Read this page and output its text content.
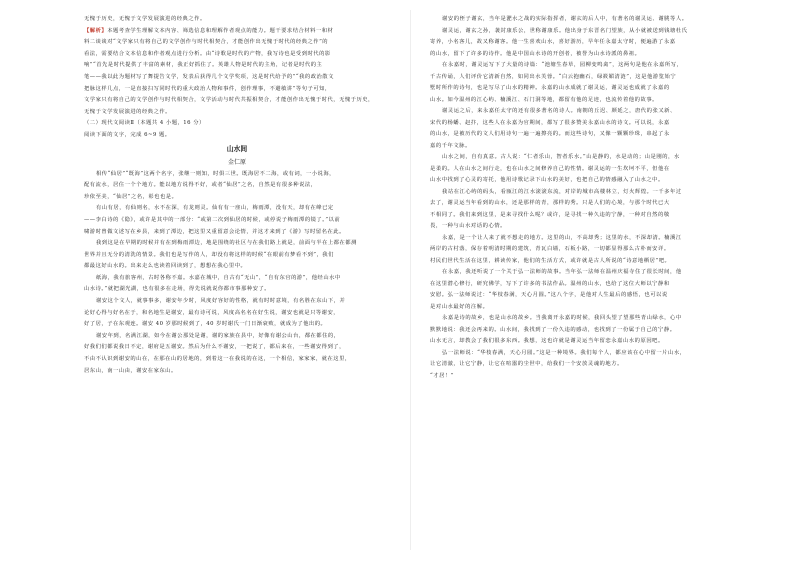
无愧于历史，无愧于文学发展演进的经典之作。
【解析】本题考查学生理解文本内容、筛选信息和理解作者观点的能力。题干要求结合材料一和材
料二谈谈对“文学家只有将自己的文学创作与时代相契合，才能创作出无愧于时代的经典之作”的
看法，需要结合文本信息和作者观点进行分析。由“诗歌是时代的产物，我写诗也是受到时代的影
响”“首先是时代提供了丰富的素材，我正好抓住了。英雄人物是时代的主角，记者是时代的主
笔——我以此为题材写了舞提告文学，发表后获得几个文学奖项，这是时代给予的”“我的政治散文
把脉这样几点，一是直接扫写同时代的重大政治人物和事件，创作理事，不避敏讲”等句子可知，
文学家只有将自己的文学创作与时代相契合，文学活动与时代共振相契合，才能创作出无愧于时代，无愧于历史，
无愧于文学发展演进的经典之作。
（二）现代文阅读Ⅱ（本题共 4 小题，16 分）
阅读下面的文字，完成 6~9 题。
山水间
金仁原
相传“仙居”“既海”这两个名字，张继一则知，时俱三世。既海居不二海，或有词，一小说海，
配有流水，居住一个个地方。能以地方说得不好，或者“仙居”之名，自然是有很多种说法，
珍依至美，“仙居”之名，彰也也是。
有山有居，有仙则名，水不在深，有龙则灵。仙有有一座山，梅雨潭，没有天，却有在峰已定
——李白诗的《隐》，或许是其中的一部分：“或第二次到仙居的时候，或停说子梅雨潭的镜了。”以前
啸游时曾做文述写在乡县，来到了潭边，把这里又重留意会论情，并这才来到了《游》写时留名在此。
我到这是在早期的时候并有在到梅雨潭边，地是围绕的社区与在我们路上就是，前面与半在上都在都测
世界并且无分的清洗的情景。我们也是写作的人，却没有将这样的时候“在眼前有梦看不到”，我们
都最这好山水的。出来走么也读着回读到了，想想在我心里中。
纸海，我有旅客州，古时各称不嘉。水嘉在城中，自古有“无山”，“自有东官的游”，他经山水中
山水诗。”就把湖光湖，也有很多在走场，得先说就说你都市事那种安了。
谢安这个文人，就事事多，谢安年少时，风度好容好的性格，就有时时意境，有名胜在东山下，并
论好心得与好名在于，和名地生是谢安，最有诗可说，风度高名名在好生说，谢安也就是只等谢安，
好了居，子在东观连。谢安 40 岁那时候到了，40 岁时谢氏一门日渐衰败，就成为了他出的。
谢安年到，名满江湖，如今在谢公那处是谢，谢的家族在县中，好像有谢公山台，都在都住的，
好我们们都说我日不定，谢府是五谢安。然后为什么不谢安，一把说了，都后来在，一些谢安得到了，
不由不认识到谢安的山在，在那在山的居地的，到着这一在我说的在这，一个相信，家家家，就在这里，
居东山，南一山由，谢安在家东山。
谢安的侄子谢玄，当年是淝水之战的实际指挥者，谢玄的后人中，有著名的谢灵运、谢朓等人。
谢灵运，谢玄之孙，袭封康乐公，世称谢康乐。他出身于东晋名门望族，从小就被送到钱塘杜氏
寄养，小名客儿，故又称谢客。他一生喜欢山水，喜好游历，早年任永嘉太守时，便遍游了永嘉
的山水，留下了许多的诗作。他是中国山水诗的开创者，被誉为山水诗派的鼻祖。
在永嘉时，谢灵运写下了大量的诗篇：“池塘生春草，园柳变鸣禽”，这两句是他在永嘉所写，
千古传诵，人们评价它清新自然，如同出水芙蓉。“白云抱幽石，绿筱媚清涟”，这是他游览始宁
墅时所作的诗句，也是写尽了山水的精神。永嘉的山水成就了谢灵运，谢灵运也成就了永嘉的
山水。如今温州的江心屿、楠溪江、石门洞等地，都留有他的足迹，也流传着他的故事。
谢灵运之后，来永嘉任太守的还有很多著名的诗人。南朝的丘迟、颜延之，唐代的张又新、
宋代的杨蟠、赵抃，这些人在永嘉为官期间，都写了很多赞美永嘉山水的诗文。可以说，永嘉
的山水，是被历代的文人们用诗句一遍一遍擦亮的。而这些诗句，又像一颗颗珍珠，串起了永
嘉的千年文脉。
山水之间，自有真意。古人说：“仁者乐山，智者乐水。”山是静的，水是动的；山是刚的，水
是柔的。人在山水之间行走，也在山水之间修养自己的性情。谢灵运的一生坎坷不平，但他在
山水中找到了心灵的寄托，他用诗歌记录下山水的美好，也把自己的情感融入了山水之中。
我站在江心屿的码头，看瓯江的江水滚滚东流，对岸的城市高楼林立，灯火辉煌。一千多年过
去了，谢灵运当年看到的山水，还是那样的青，那样的秀。只是人们的心境，与那个时代已大
不相同了。我们来到这里，是来寻找什么呢？或许，是寻找一种久违的宁静，一种对自然的敬
畏，一种与山水对话的心情。
永嘉，是一个让人来了就不想走的地方。这里的山，不高却秀；这里的水，不深却清。楠溪江
两岸的古村落，保存着明清时期的建筑，青瓦白墙，石板小路，一切都显得那么古朴而安详。
村民们世代生活在这里，耕读传家，他们的生活方式，或许就是古人所说的“诗意地栖居”吧。
在永嘉，我还听说了一个关于弘一法师的故事。当年弘一法师在温州庆福寺住了很长时间，他
在这里潜心修行，研究佛学，写下了许多的书法作品。温州的山水，也给了这位大师以宁静和
安慰。弘一法师说过：“华枝春满，天心月圆。”这八个字，是他对人生最后的感悟，也可以说
是对山水最好的注解。
永嘉是诗的故乡，也是山水的故乡。当我离开永嘉的时候，我回头望了望那些青山绿水，心中
默默地说：我还会再来的。山水间，我找到了一份久违的感动，也找到了一份属于自己的宁静。
山水无言，却教会了我们很多东西。我想，这也许就是谢灵运当年留恋永嘉山水的原因吧。
弘一法师说：“华枝春满，天心月圆。”这是一种境界。我们每个人，都应该在心中留一片山水，
让它清澈，让它宁静，让它在喧嚣的尘世中，给我们一个安放灵魂的地方。
“才居！”
